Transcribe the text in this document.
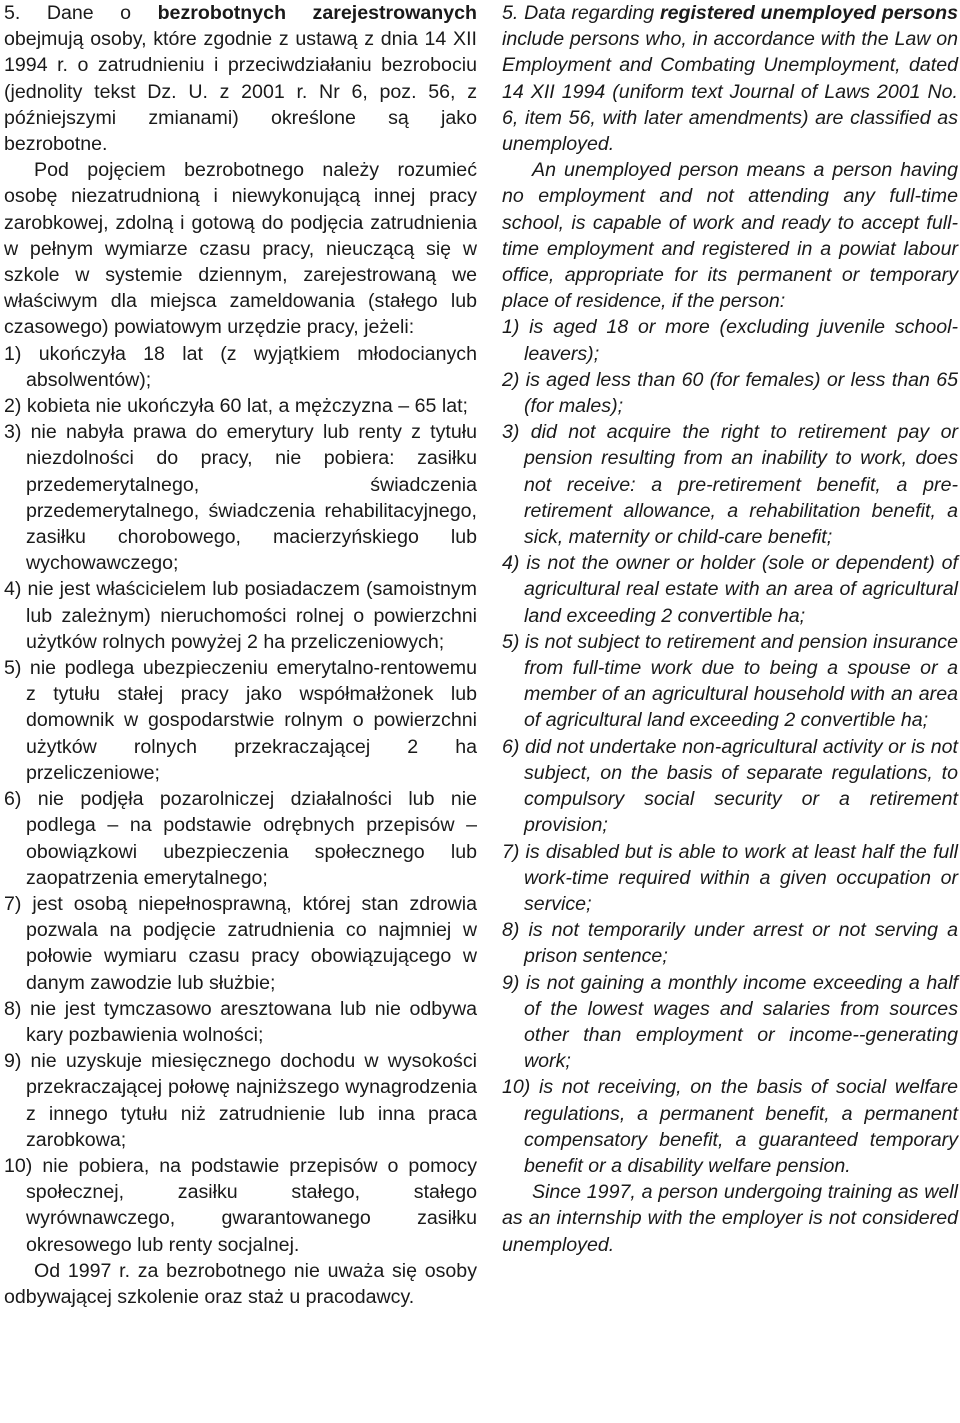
5. Dane o bezrobotnych zarejestrowanych obejmują osoby, które zgodnie z ustawą z dnia 14 XII 1994 r. o zatrudnieniu i przeciwdziałaniu bezrobociu (jednolity tekst Dz. U. z 2001 r. Nr 6, poz. 56, z późniejszymi zmianami) określone są jako bezrobotne.

Pod pojęciem bezrobotnego należy rozumieć osobę niezatrudnioną i niewykonującą innej pracy zarobkowej, zdolną i gotową do podjęcia zatrudnienia w pełnym wymiarze czasu pracy, nieuczącą się w szkole w systemie dziennym, zarejestrowaną we właściwym dla miejsca zameldowania (stałego lub czasowego) powiatowym urzędzie pracy, jeżeli:

1) ukończyła 18 lat (z wyjątkiem młodocianych absolwentów);

2) kobieta nie ukończyła 60 lat, a mężczyzna – 65 lat;

3) nie nabyła prawa do emerytury lub renty z tytułu niezdolności do pracy, nie pobiera: zasiłku przedemerytalnego, świadczenia przedemerytalnego, świadczenia rehabilitacyjnego, zasiłku chorobowego, macierzyńskiego lub wychowawczego;

4) nie jest właścicielem lub posiadaczem (samoistnym lub zależnym) nieruchomości rolnej o powierzchni użytków rolnych powyżej 2 ha przeliczeniowych;

5) nie podlega ubezpieczeniu emerytalno-rentowemu z tytułu stałej pracy jako współmałżonek lub domownik w gospodarstwie rolnym o powierzchni użytków rolnych przekraczającej 2 ha przeliczeniowe;

6) nie podjęła pozarolniczej działalności lub nie podlega – na podstawie odrębnych przepisów – obowiązkowi ubezpieczenia społecznego lub zaopatrzenia emerytalnego;

7) jest osobą niepełnosprawną, której stan zdrowia pozwala na podjęcie zatrudnienia co najmniej w połowie wymiaru czasu pracy obowiązującego w danym zawodzie lub służbie;

8) nie jest tymczasowo aresztowana lub nie odbywa kary pozbawienia wolności;

9) nie uzyskuje miesięcznego dochodu w wysokości przekraczającej połowę najniższego wynagrodzenia z innego tytułu niż zatrudnienie lub inna praca zarobkowa;

10) nie pobiera, na podstawie przepisów o pomocy społecznej, zasiłku stałego, stałego wyrównawczego, gwarantowanego zasiłku okresowego lub renty socjalnej.

Od 1997 r. za bezrobotnego nie uważa się osoby odbywającej szkolenie oraz staż u pracodawcy.

5. Data regarding registered unemployed persons include persons who, in accordance with the Law on Employment and Combating Unemployment, dated 14 XII 1994 (uniform text Journal of Laws 2001 No. 6, item 56, with later amendments) are classified as unemployed.

An unemployed person means a person having no employment and not attending any full-time school, is capable of work and ready to accept full-time employment and registered in a powiat labour office, appropriate for its permanent or temporary place of residence, if the person:

1) is aged 18 or more (excluding juvenile school-leavers);

2) is aged less than 60 (for females) or less than 65 (for males);

3) did not acquire the right to retirement pay or pension resulting from an inability to work, does not receive: a pre-retirement benefit, a pre-retirement allowance, a rehabilitation benefit, a sick, maternity or child-care benefit;

4) is not the owner or holder (sole or dependent) of agricultural real estate with an area of agricultural land exceeding 2 convertible ha;

5) is not subject to retirement and pension insurance from full-time work due to being a spouse or a member of an agricultural household with an area of agricultural land exceeding 2 convertible ha;

6) did not undertake non-agricultural activity or is not subject, on the basis of separate regulations, to compulsory social security or a retirement provision;

7) is disabled but is able to work at least half the full work-time required within a given occupation or service;

8) is not temporarily under arrest or not serving a prison sentence;

9) is not gaining a monthly income exceeding a half of the lowest wages and salaries from sources other than employment or income--generating work;

10) is not receiving, on the basis of social welfare regulations, a permanent benefit, a permanent compensatory benefit, a guaranteed temporary benefit or a disability welfare pension.

Since 1997, a person undergoing training as well as an internship with the employer is not considered unemployed.
